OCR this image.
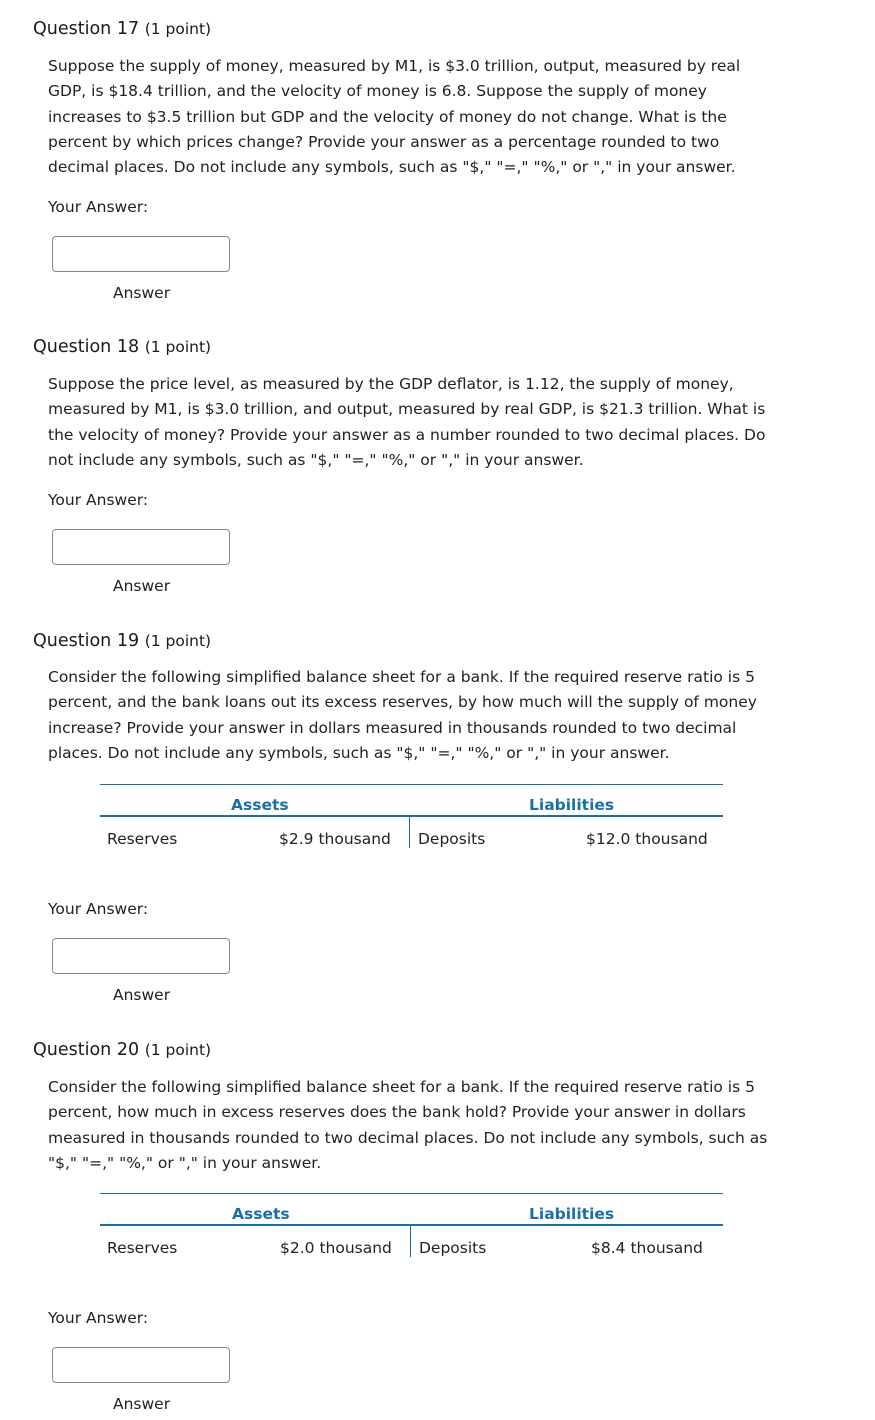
Question 17 (1 point)
Suppose the supply of money, measured by M1, is $3.0 trillion, output, measured by real GDP, is $18.4 trillion, and the velocity of money is 6.8. Suppose the supply of money increases to $3.5 trillion but GDP and the velocity of money do not change. What is the percent by which prices change? Provide your answer as a percentage rounded to two decimal places. Do not include any symbols, such as "$," "=," "%," or "," in your answer.
Your Answer:
Answer
Question 18 (1 point)
Suppose the price level, as measured by the GDP deflator, is 1.12, the supply of money, measured by M1, is $3.0 trillion, and output, measured by real GDP, is $21.3 trillion. What is the velocity of money? Provide your answer as a number rounded to two decimal places. Do not include any symbols, such as "$," "=," "%," or "," in your answer.
Your Answer:
Answer
Question 19 (1 point)
Consider the following simplified balance sheet for a bank. If the required reserve ratio is 5 percent, and the bank loans out its excess reserves, by how much will the supply of money increase? Provide your answer in dollars measured in thousands rounded to two decimal places. Do not include any symbols, such as "$," "=," "%," or "," in your answer.
Assets	Liabilities
Reserves	$2.9 thousand Deposits	$12.0 thousand
Your Answer:
Answer
Question 20 (1 point)
Consider the following simplified balance sheet for a bank. If the required reserve ratio is 5 percent, how much in excess reserves does the bank hold? Provide your answer in dollars measured in thousands rounded to two decimal places. Do not include any symbols, such as "$," "=," "%," or "," in your answer.
Assets	Liabilities
Reserves	$2.0 thousand Deposits	$8.4 thousand
Your Answer:
Answer
